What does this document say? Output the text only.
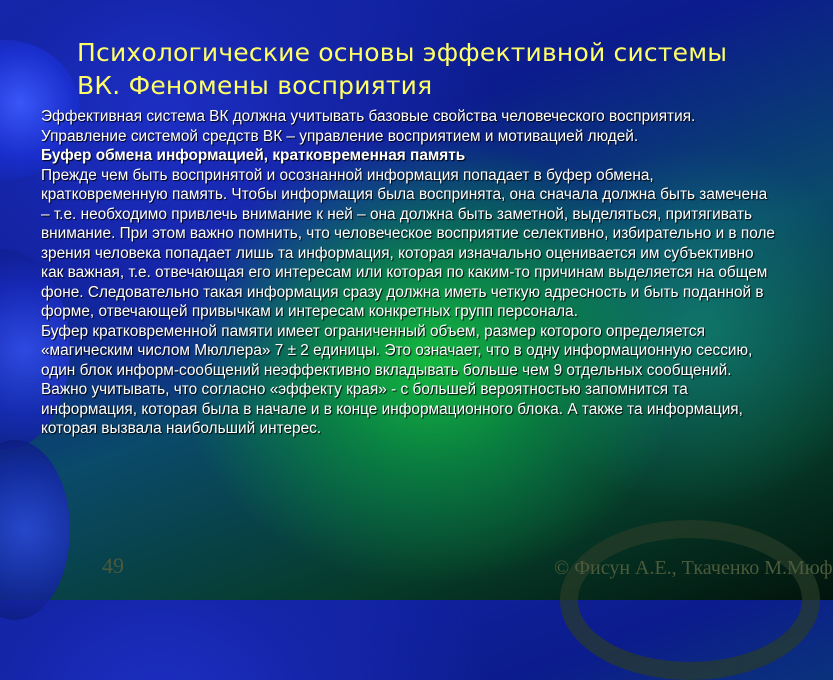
Психологические основы эффективной системы ВК. Феномены восприятия

Эффективная система ВК должна учитывать базовые свойства человеческого восприятия. Управление системой средств ВК – управление восприятием и мотивацией людей.

Буфер обмена информацией, кратковременная память

Прежде чем быть воспринятой и осознанной информация попадает в буфер обмена, кратковременную память. Чтобы информация была воспринята, она сначала должна быть замечена – т.е. необходимо привлечь внимание к ней – она должна быть заметной, выделяться, притягивать внимание. При этом важно помнить, что человеческое восприятие селективно, избирательно и в поле зрения человека попадает лишь та информация, которая изначально оценивается им субъективно как важная, т.е. отвечающая его интересам или которая по каким-то причинам выделяется на общем фоне. Следовательно такая информация сразу должна иметь четкую адресность и быть поданной в форме, отвечающей привычкам и интересам конкретных групп персонала.

Буфер кратковременной памяти имеет ограниченный объем, размер которого определяется «магическим числом Мюллера» 7 ± 2 единицы. Это означает, что в одну информационную сессию, один блок информ-сообщений неэффективно вкладывать больше чем 9 отдельных сообщений.

Важно учитывать, что согласно «эффекту края» - с большей вероятностью запомнится та информация, которая была в начале и в конце информационного блока. А также та информация, которая вызвала наибольший интерес.

49	© Фисун А.Е., Ткаченко М.Мюф
